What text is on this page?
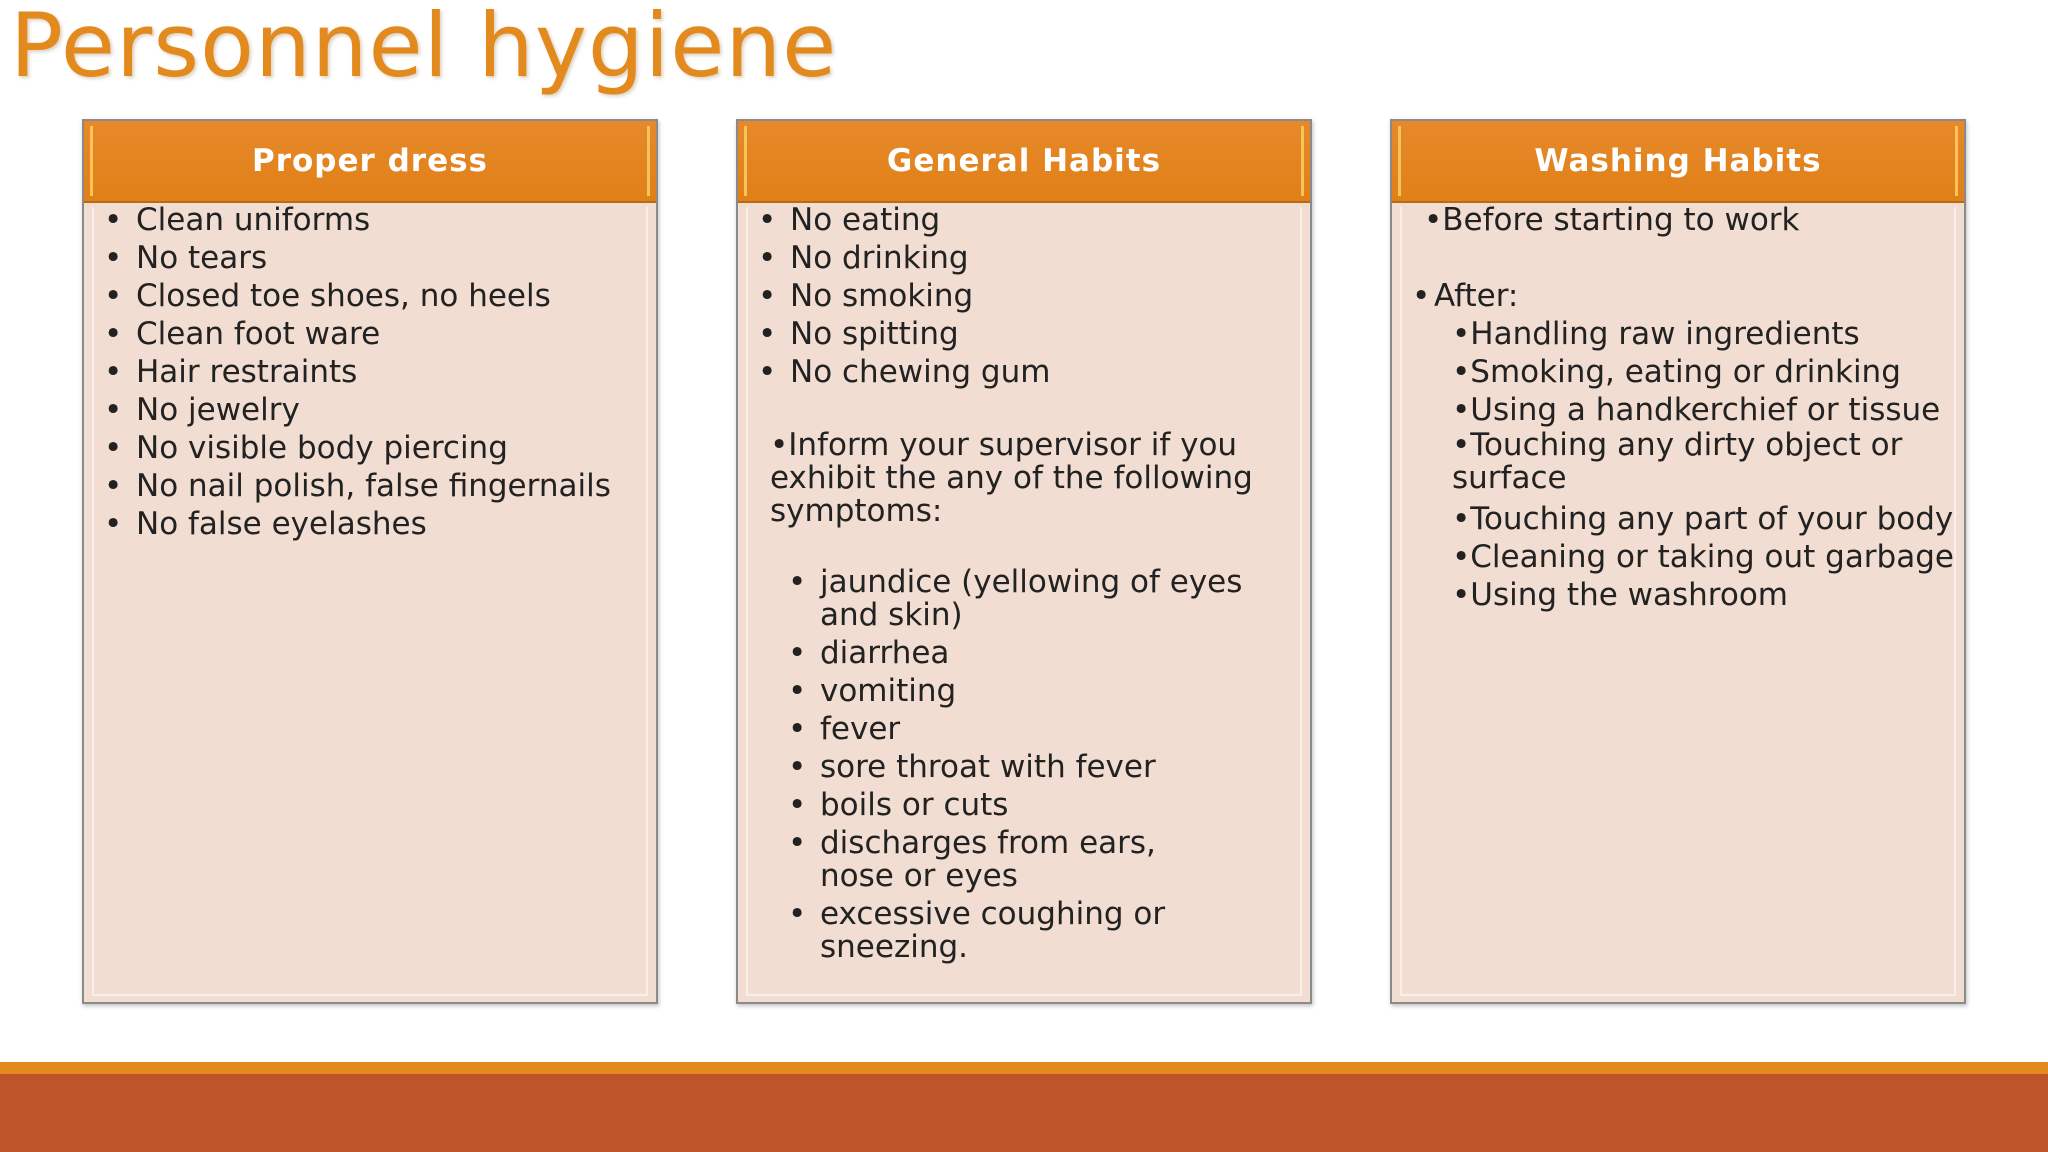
Personnel hygiene
Proper dress
• Clean uniforms
• No tears
• Closed toe shoes, no heels
• Clean foot ware
• Hair restraints
• No jewelry
• No visible body piercing
• No nail polish, false fingernails
• No false eyelashes
General Habits
• No eating
• No drinking
• No smoking
• No spitting
• No chewing gum
•Inform your supervisor if you exhibit the any of the following symptoms:
• jaundice (yellowing of eyes and skin)
• diarrhea
• vomiting
• fever
• sore throat with fever
• boils or cuts
• discharges from ears, nose or eyes
• excessive coughing or sneezing.
Washing Habits
•Before starting to work
• After:
•Handling raw ingredients
•Smoking, eating or drinking
•Using a handkerchief or tissue
•Touching any dirty object or surface
•Touching any part of your body
•Cleaning or taking out garbage
•Using the washroom
